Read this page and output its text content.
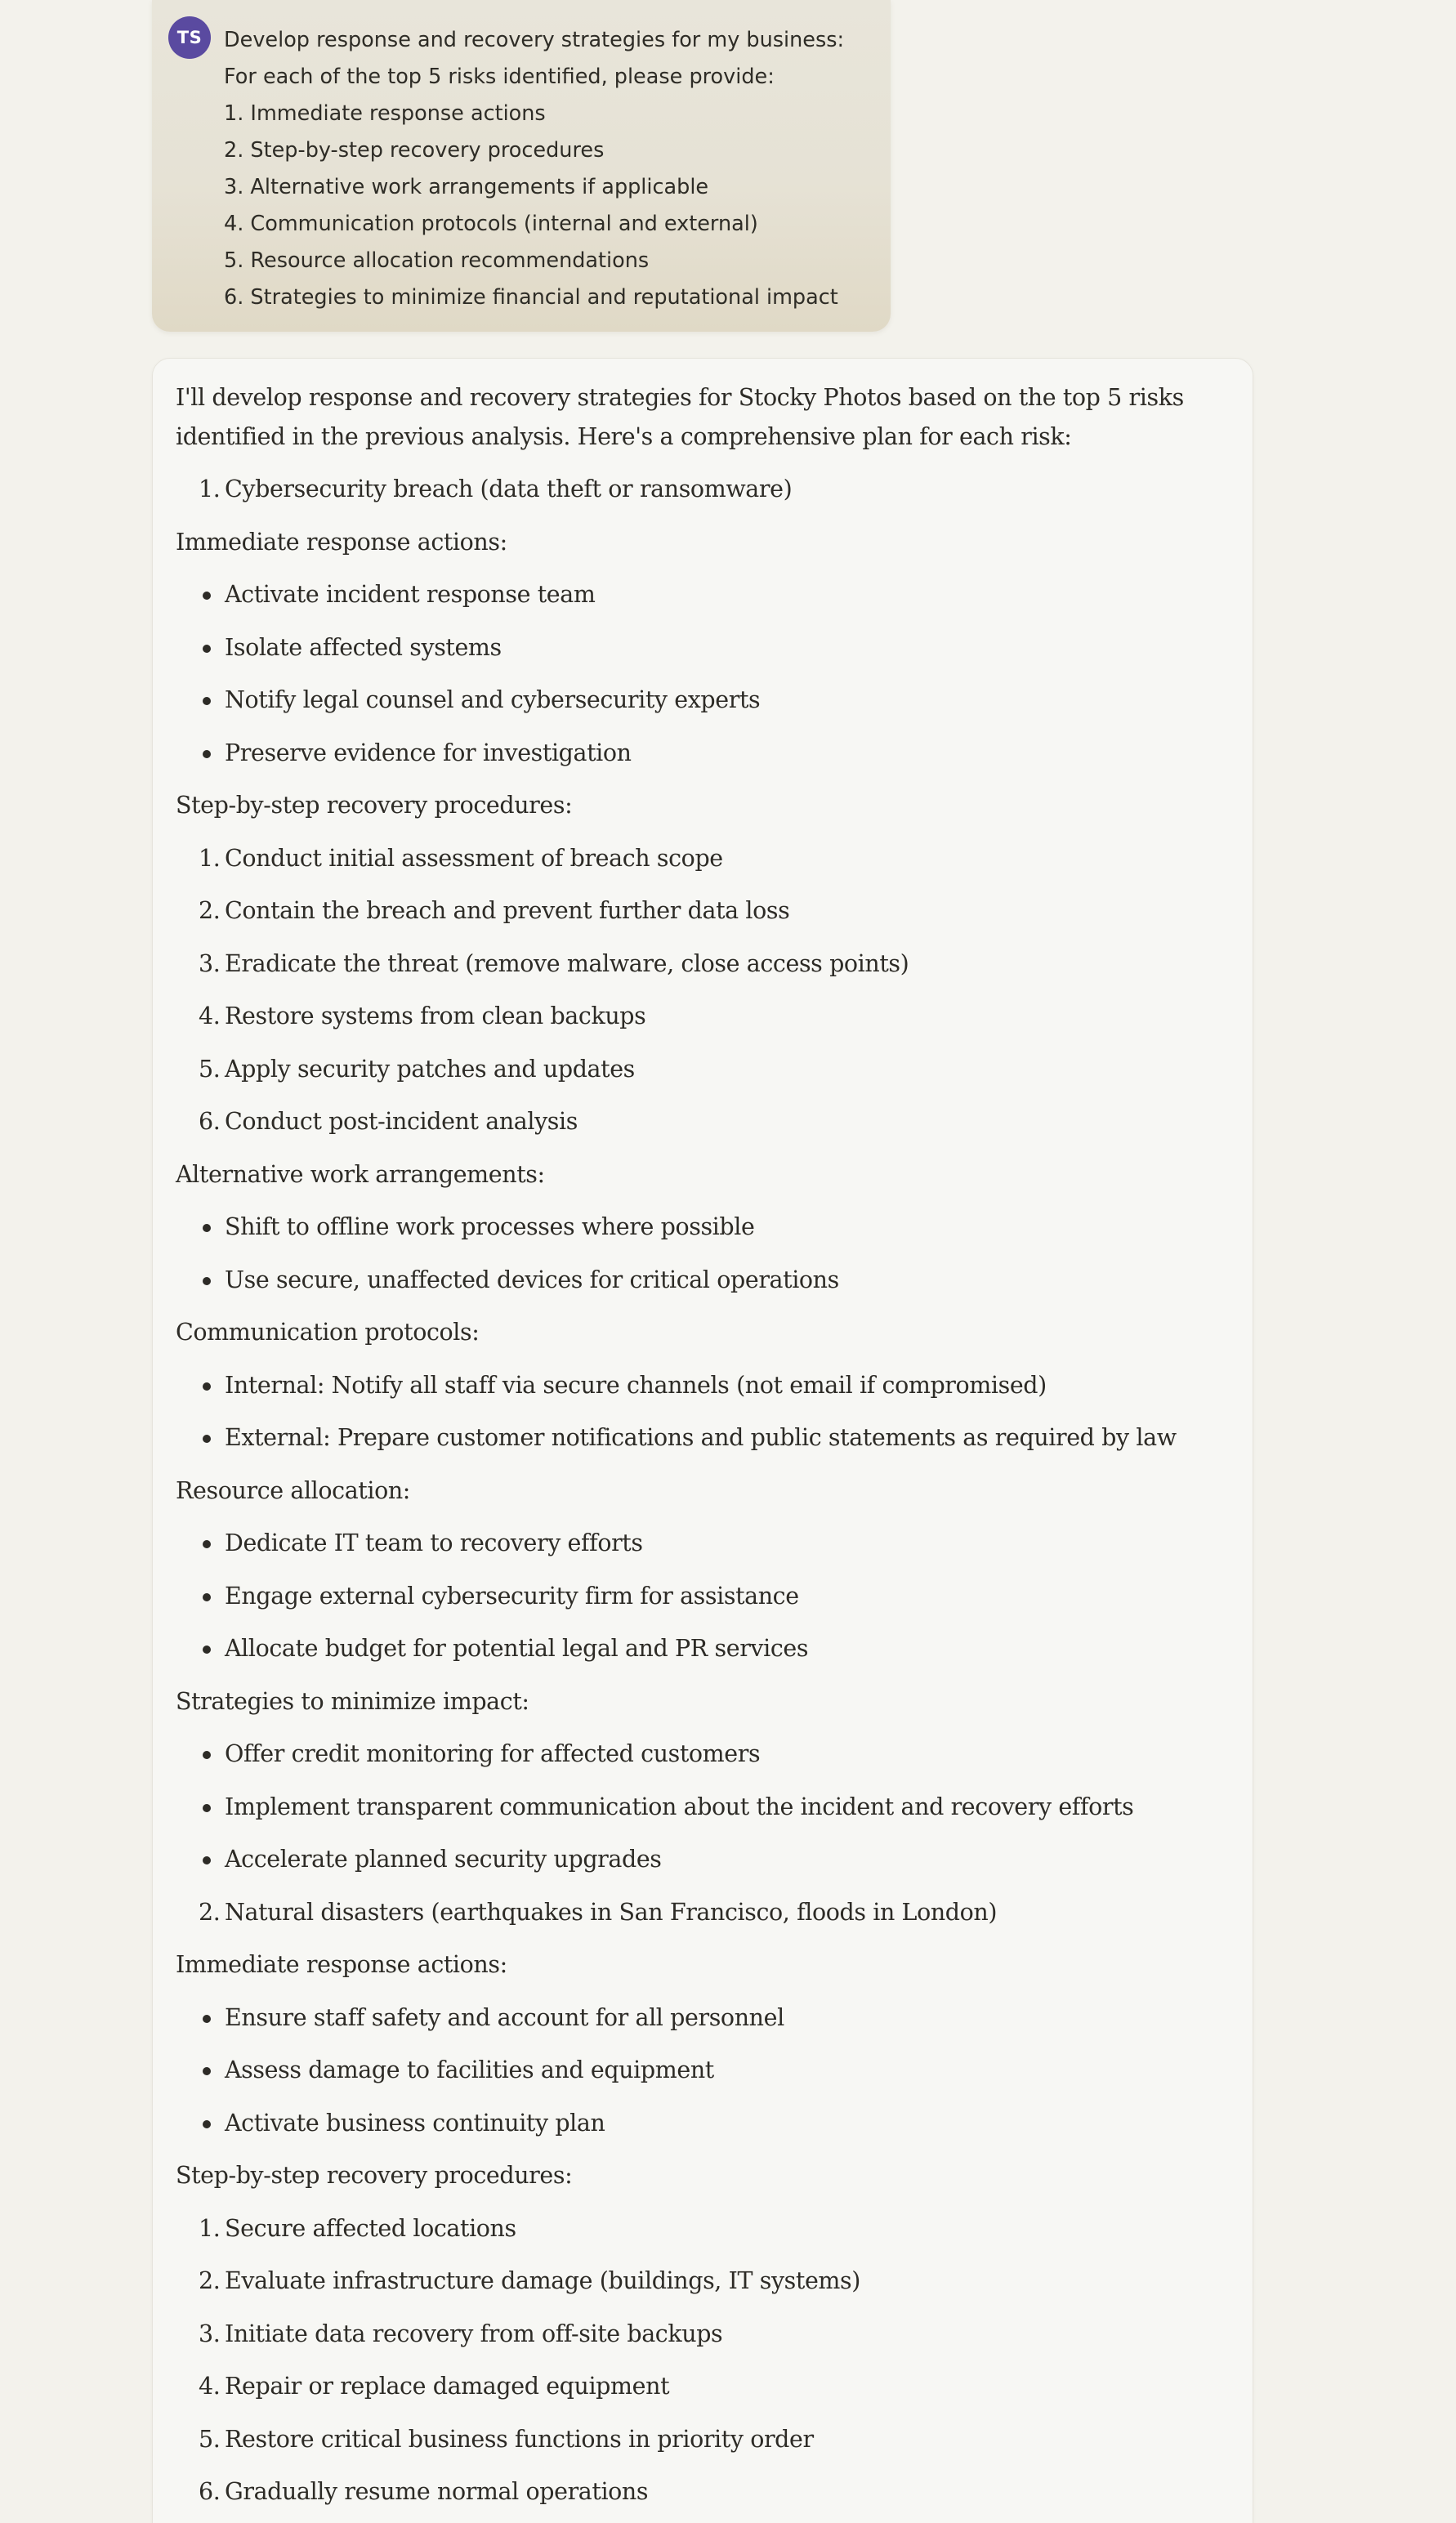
TS	Develop response and recovery strategies for my business:
For each of the top 5 risks identified, please provide:
1. Immediate response actions
2. Step-by-step recovery procedures
3. Alternative work arrangements if applicable
4. Communication protocols (internal and external)
5. Resource allocation recommendations
6. Strategies to minimize financial and reputational impact

I'll develop response and recovery strategies for Stocky Photos based on the top 5 risks identified in the previous analysis. Here's a comprehensive plan for each risk:

1. Cybersecurity breach (data theft or ransomware)
Immediate response actions:
Activate incident response team
Isolate affected systems
Notify legal counsel and cybersecurity experts
Preserve evidence for investigation
Step-by-step recovery procedures:
1. Conduct initial assessment of breach scope
2. Contain the breach and prevent further data loss
3. Eradicate the threat (remove malware, close access points)
4. Restore systems from clean backups
5. Apply security patches and updates
6. Conduct post-incident analysis
Alternative work arrangements:
Shift to offline work processes where possible
Use secure, unaffected devices for critical operations
Communication protocols:
Internal: Notify all staff via secure channels (not email if compromised)
External: Prepare customer notifications and public statements as required by law
Resource allocation:
Dedicate IT team to recovery efforts
Engage external cybersecurity firm for assistance
Allocate budget for potential legal and PR services
Strategies to minimize impact:
Offer credit monitoring for affected customers
Implement transparent communication about the incident and recovery efforts
Accelerate planned security upgrades
2. Natural disasters (earthquakes in San Francisco, floods in London)
Immediate response actions:
Ensure staff safety and account for all personnel
Assess damage to facilities and equipment
Activate business continuity plan
Step-by-step recovery procedures:
1. Secure affected locations
2. Evaluate infrastructure damage (buildings, IT systems)
3. Initiate data recovery from off-site backups
4. Repair or replace damaged equipment
5. Restore critical business functions in priority order
6. Gradually resume normal operations
